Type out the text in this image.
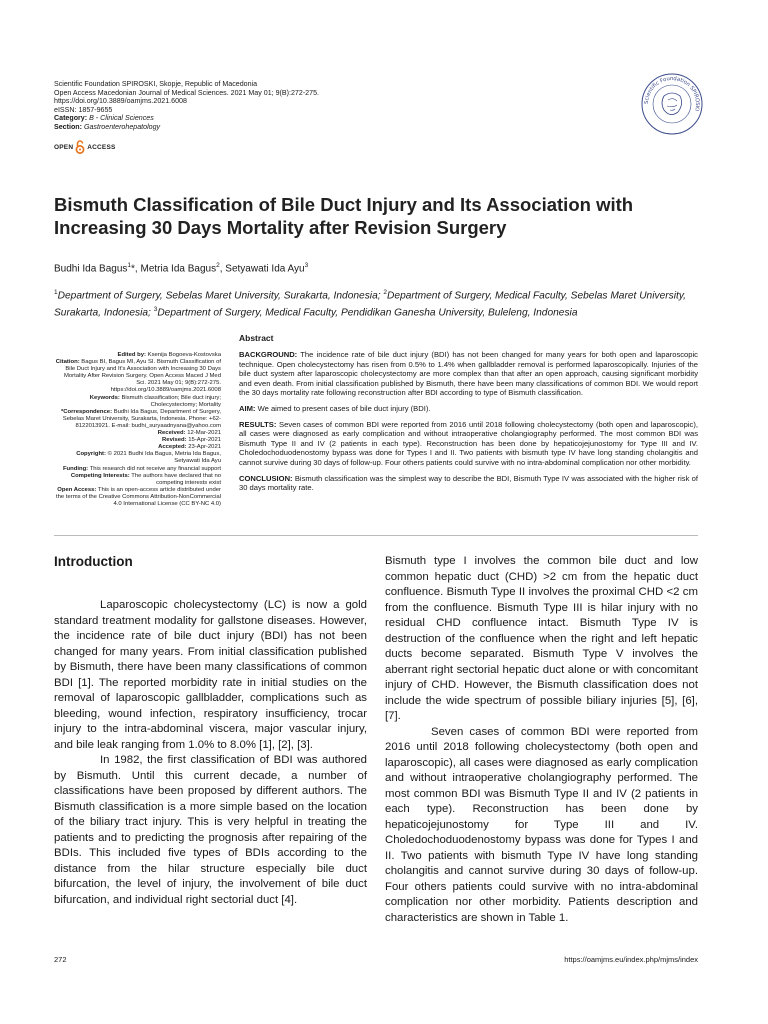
Scientific Foundation SPIROSKI, Skopje, Republic of Macedonia
Open Access Macedonian Journal of Medical Sciences. 2021 May 01; 9(B):272-275.
https://doi.org/10.3889/oamjms.2021.6008
eISSN: 1857-9655
Category: B - Clinical Sciences
Section: Gastroenterohepatology
Scientific Foundation SPIROSKI
OPEN ACCESS
Bismuth Classification of Bile Duct Injury and Its Association with Increasing 30 Days Mortality after Revision Surgery
Budhi Ida Bagus$^1$*, Metria Ida Bagus$^2$, Setyawati Ida Ayu$^3$
$^1$Department of Surgery, Sebelas Maret University, Surakarta, Indonesia; $^2$Department of Surgery, Medical Faculty, Sebelas Maret University, Surakarta, Indonesia; $^3$Department of Surgery, Medical Faculty, Pendidikan Ganesha University, Buleleng, Indonesia
Edited by: Ksenija Bogoeva-Kostovska
Citation: Bagus BI, Bagus MI, Ayu SI. Bismuth Classification of Bile Duct Injury and It's Association with Increasing 30 Days Mortality After Revision Surgery. Open Access Maced J Med Sci. 2021 May 01; 9(B):272-275. https://doi.org/10.3889/oamjms.2021.6008
Keywords: Bismuth classification; Bile duct injury; Cholecystectomy; Mortality
*Correspondence: Budhi Ida Bagus, Department of Surgery, Sebelas Maret University, Surakarta, Indonesia. Phone: +62-8122013921. E-mail: budhi_suryaadnyana@yahoo.com
Received: 12-Mar-2021
Revised: 15-Apr-2021
Accepted: 23-Apr-2021
Copyright: © 2021 Budhi Ida Bagus, Metria Ida Bagus, Setyawati Ida Ayu
Funding: This research did not receive any financial support
Competing Interests: The authors have declared that no competing interests exist
Open Access: This is an open-access article distributed under the terms of the Creative Commons Attribution-NonCommercial 4.0 International License (CC BY-NC 4.0)
Abstract

BACKGROUND: The incidence rate of bile duct injury (BDI) has not been changed for many years for both open and laparoscopic technique. Open cholecystectomy has risen from 0.5% to 1.4% when gallbladder removal is performed laparoscopically. Injuries of the bile duct system after laparoscopic cholecystectomy are more complex than that after an open approach, causing significant morbidity and even death. From initial classification published by Bismuth, there have been many classifications of common BDI. We would report the 30 days mortality rate following reconstruction after BDI according to type of Bismuth classification.

AIM: We aimed to present cases of bile duct injury (BDI).

RESULTS: Seven cases of common BDI were reported from 2016 until 2018 following cholecystectomy (both open and laparoscopic), all cases were diagnosed as early complication and without intraoperative cholangiography performed. The most common BDI was Bismuth Type II and IV (2 patients in each type). Reconstruction has been done by hepaticojejunostomy for Type III and IV. Choledochoduodenostomy bypass was done for Types I and II. Two patients with bismuth type IV have long standing cholangitis and cannot survive during 30 days of follow-up. Four others patients could survive with no intra-abdominal complication nor other morbidity.

CONCLUSION: Bismuth classification was the simplest way to describe the BDI, Bismuth Type IV was associated with the higher risk of 30 days mortality rate.

Introduction

Laparoscopic cholecystectomy (LC) is now a gold standard treatment modality for gallstone diseases. However, the incidence rate of bile duct injury (BDI) has not been changed for many years. From initial classification published by Bismuth, there have been many classifications of common BDI [1]. The reported morbidity rate in initial studies on the removal of laparoscopic gallbladder, complications such as bleeding, wound infection, respiratory insufficiency, trocar injury to the intra-abdominal viscera, major vascular injury, and bile leak ranging from 1.0% to 8.0% [1], [2], [3].

In 1982, the first classification of BDI was authored by Bismuth. Until this current decade, a number of classifications have been proposed by different authors. The Bismuth classification is a more simple based on the location of the biliary tract injury. This is very helpful in treating the patients and to predicting the prognosis after repairing of the BDIs. This included five types of BDIs according to the distance from the hilar structure especially bile duct bifurcation, the level of injury, the involvement of bile duct bifurcation, and individual right sectorial duct [4].

Bismuth type I involves the common bile duct and low common hepatic duct (CHD) >2 cm from the hepatic duct confluence. Bismuth Type II involves the proximal CHD <2 cm from the confluence. Bismuth Type III is hilar injury with no residual CHD confluence intact. Bismuth Type IV is destruction of the confluence when the right and left hepatic ducts become separated. Bismuth Type V involves the aberrant right sectorial hepatic duct alone or with concomitant injury of CHD. However, the Bismuth classification does not include the wide spectrum of possible biliary injuries [5], [6], [7].

Seven cases of common BDI were reported from 2016 until 2018 following cholecystectomy (both open and laparoscopic), all cases were diagnosed as early complication and without intraoperative cholangiography performed. The most common BDI was Bismuth Type II and IV (2 patients in each type). Reconstruction has been done by hepaticojejunostomy for Type III and IV. Choledochoduodenostomy bypass was done for Types I and II. Two patients with bismuth Type IV have long standing cholangitis and cannot survive during 30 days of follow-up. Four others patients could survive with no intra-abdominal complication nor other morbidity. Patients description and characteristics are shown in Table 1.

272	https://oamjms.eu/index.php/mjms/index
